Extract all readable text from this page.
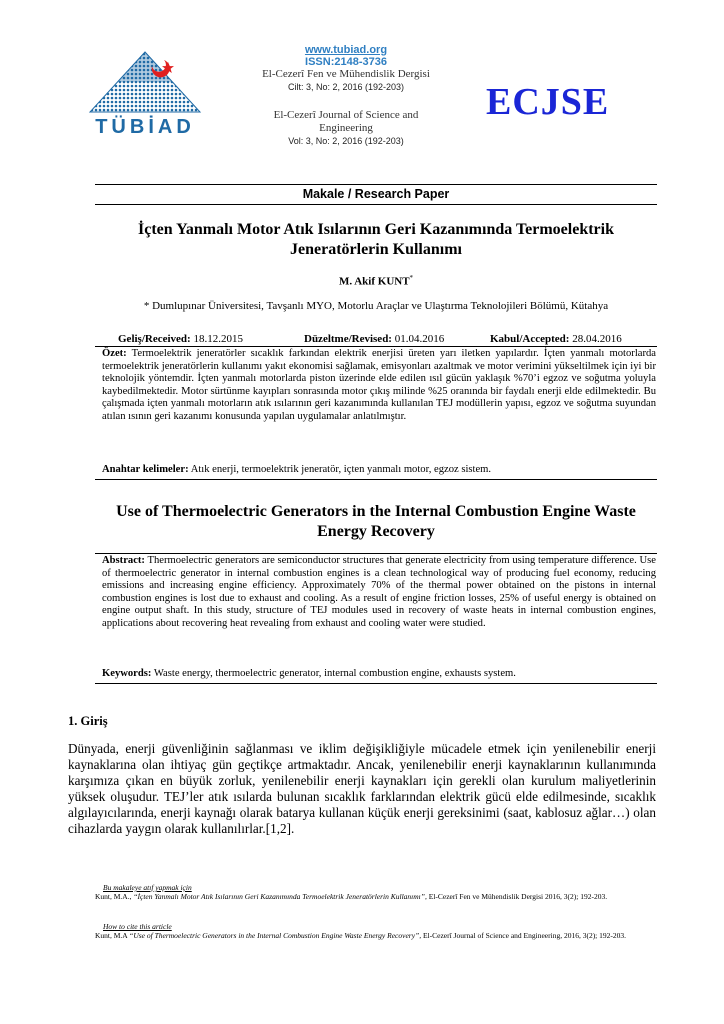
TÜBİAD
www.tubiad.org
ISSN:2148-3736
El-Cezerî Fen ve Mühendislik Dergisi
Cilt: 3, No: 2, 2016 (192-203)
El-Cezerî Journal of Science and
Engineering
Vol: 3, No: 2, 2016 (192-203)
ECJSE
Makale / Research Paper
İçten Yanmalı Motor Atık Isılarının Geri Kazanımında Termoelektrik
Jeneratörlerin Kullanımı
M. Akif KUNT*
* Dumlupınar Üniversitesi, Tavşanlı MYO, Motorlu Araçlar ve Ulaştırma Teknolojileri Bölümü, Kütahya
Geliş/Received: 18.12.2015	Düzeltme/Revised: 01.04.2016	Kabul/Accepted: 28.04.2016
Özet: Termoelektrik jeneratörler sıcaklık farkından elektrik enerjisi üreten yarı iletken yapılardır. İçten yanmalı motorlarda termoelektrik jeneratörlerin kullanımı yakıt ekonomisi sağlamak, emisyonları azaltmak ve motor verimini yükseltilmek için iyi bir teknolojik yöntemdir. İçten yanmalı motorlarda piston üzerinde elde edilen ısıl gücün yaklaşık %70’i egzoz ve soğutma yoluyla kaybedilmektedir. Motor sürtünme kayıpları sonrasında motor çıkış milinde %25 oranında bir faydalı enerji elde edilmektedir. Bu çalışmada içten yanmalı motorların atık ısılarının geri kazanımında kullanılan TEJ modüllerin yapısı, egzoz ve soğutma suyundan atılan ısının geri kazanımı konusunda yapılan uygulamalar anlatılmıştır.
Anahtar kelimeler: Atık enerji, termoelektrik jeneratör, içten yanmalı motor, egzoz sistem.
Use of Thermoelectric Generators in the Internal Combustion Engine Waste
Energy Recovery
Abstract: Thermoelectric generators are semiconductor structures that generate electricity from using temperature difference. Use of thermoelectric generator in internal combustion engines is a clean technological way of producing fuel economy, reducing emissions and increasing engine efficiency. Approximately 70% of the thermal power obtained on the pistons in internal combustion engines is lost due to exhaust and cooling. As a result of engine friction losses, 25% of useful energy is obtained on engine output shaft. In this study, structure of TEJ modules used in recovery of waste heats in internal combustion engines, applications about recovering heat revealing from exhaust and cooling water were studied.
Keywords: Waste energy, thermoelectric generator, internal combustion engine, exhausts system.
1. Giriş
Dünyada, enerji güvenliğinin sağlanması ve iklim değişikliğiyle mücadele etmek için yenilenebilir enerji kaynaklarına olan ihtiyaç gün geçtikçe artmaktadır. Ancak, yenilenebilir enerji kaynaklarının kullanımında karşımıza çıkan en büyük zorluk, yenilenebilir enerji kaynakları için gerekli olan kurulum maliyetlerinin yüksek oluşudur. TEJ’ler atık ısılarda bulunan sıcaklık farklarından elektrik gücü elde edilmesinde, sıcaklık algılayıcılarında, enerji kaynağı olarak batarya kullanan küçük enerji gereksinimi (saat, kablosuz ağlar…) olan cihazlarda yaygın olarak kullanılırlar.[1,2].
Bu makaleye atıf yapmak için
Kunt, M.A., “İçten Yanmalı Motor Atık Isılarının Geri Kazanımında Termoelektrik Jeneratörlerin Kullanımı”, El-Cezerî Fen ve Mühendislik Dergisi 2016, 3(2); 192-203.
How to cite this article
Kunt, M.A “Use of Thermoelectric Generators in the Internal Combustion Engine Waste Energy Recovery”, El-Cezerî Journal of Science and Engineering, 2016, 3(2); 192-203.
